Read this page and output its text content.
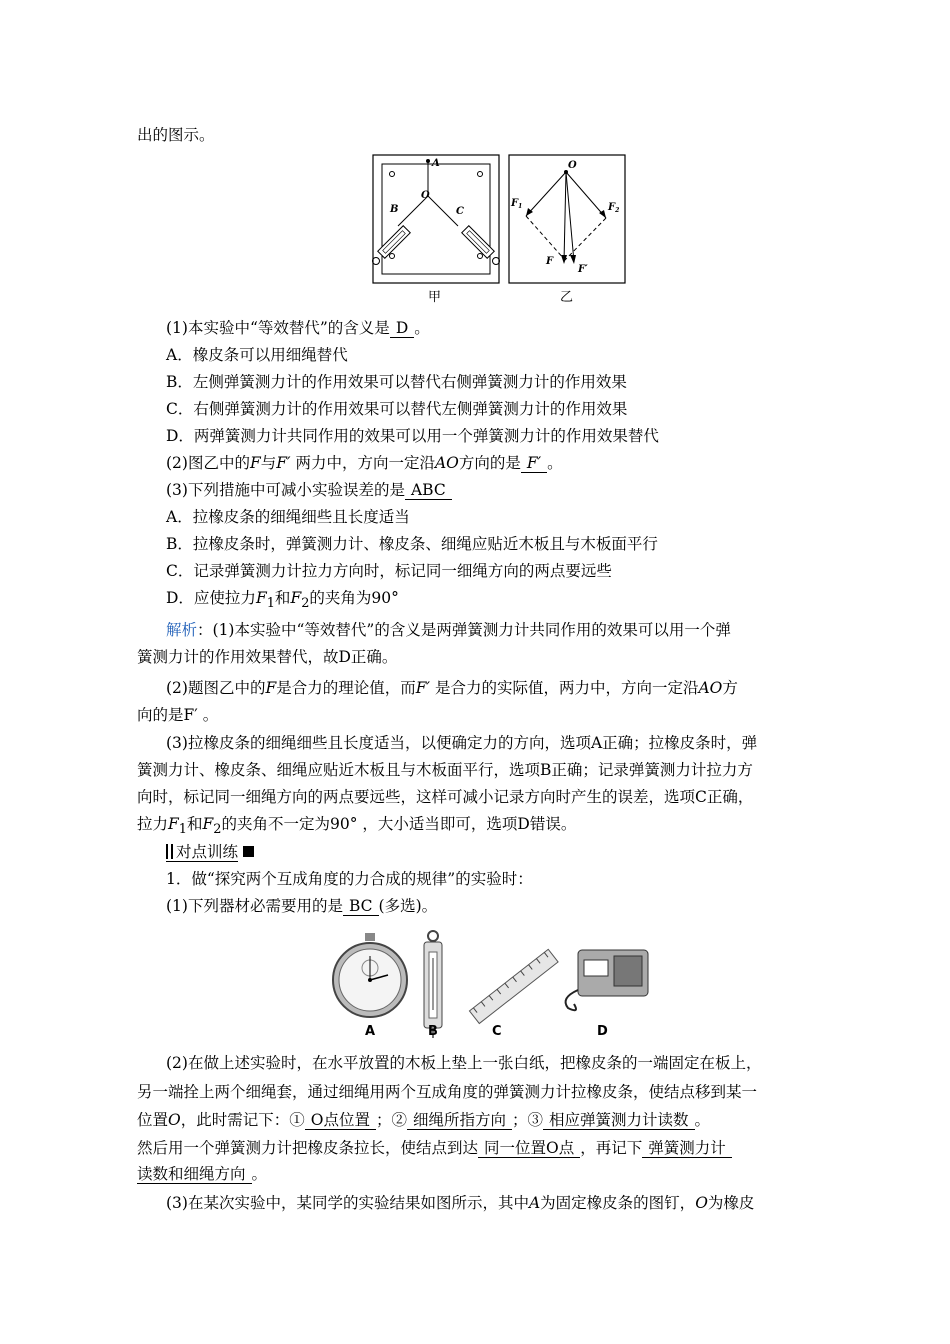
出的图示。
A
O
B	C
甲
O
$F_1$	$F_2$
F
F′
乙
(1)本实验中“等效替代”的含义是 D 。
A．橡皮条可以用细绳替代
B．左侧弹簧测力计的作用效果可以替代右侧弹簧测力计的作用效果
C．右侧弹簧测力计的作用效果可以替代左侧弹簧测力计的作用效果
D．两弹簧测力计共同作用的效果可以用一个弹簧测力计的作用效果替代
(2)图乙中的F与F′ 两力中，方向一定沿AO方向的是 F′ 。
(3)下列措施中可减小实验误差的是 ABC
A．拉橡皮条的细绳细些且长度适当
B．拉橡皮条时，弹簧测力计、橡皮条、细绳应贴近木板且与木板面平行
C．记录弹簧测力计拉力方向时，标记同一细绳方向的两点要远些
D．应使拉力$F_1$和$F_2$的夹角为90°
解析：(1)本实验中“等效替代”的含义是两弹簧测力计共同作用的效果可以用一个弹
簧测力计的作用效果替代，故D正确。
(2)题图乙中的F是合力的理论值，而F′ 是合力的实际值，两力中，方向一定沿AO方
向的是F′ 。
(3)拉橡皮条的细绳细些且长度适当，以便确定力的方向，选项A正确；拉橡皮条时，弹
簧测力计、橡皮条、细绳应贴近木板且与木板面平行，选项B正确；记录弹簧测力计拉力方
向时，标记同一细绳方向的两点要远些，这样可减小记录方向时产生的误差，选项C正确，
拉力$F_1$和$F_2$的夹角不一定为90° ，大小适当即可，选项D错误。
对点训练
1．做“探究两个互成角度的力合成的规律”的实验时：
(1)下列器材必需要用的是 BC (多选)。
A	B	C	D
(2)在做上述实验时，在水平放置的木板上垫上一张白纸，把橡皮条的一端固定在板上，
另一端拴上两个细绳套，通过细绳用两个互成角度的弹簧测力计拉橡皮条，使结点移到某一
位置O，此时需记下：① O点位置 ；② 细绳所指方向 ；③ 相应弹簧测力计读数 。
然后用一个弹簧测力计把橡皮条拉长，使结点到达 同一位置O点 ，再记下 弹簧测力计
读数和细绳方向 。
(3)在某次实验中，某同学的实验结果如图所示，其中A为固定橡皮条的图钉，O为橡皮
